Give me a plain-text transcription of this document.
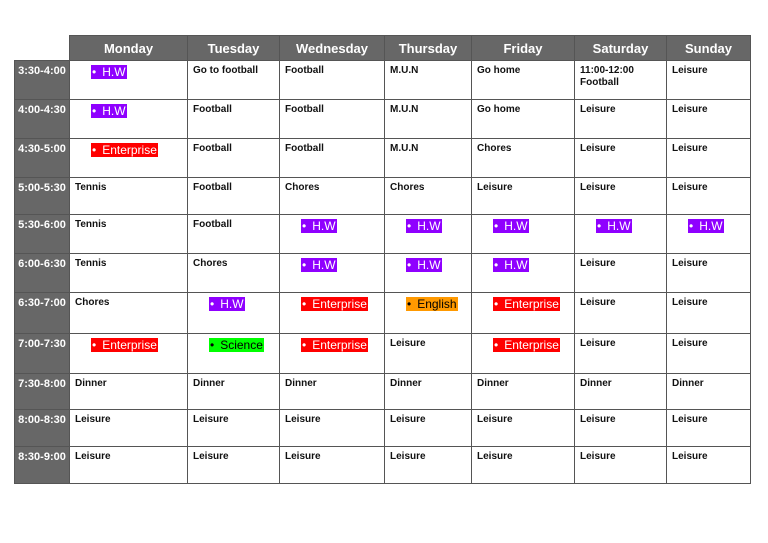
	Monday	Tuesday	Wednesday	Thursday	Friday	Saturday	Sunday
3:30-4:00	• H.W	Go to football	Football	M.U.N	Go home	11:00-12:00 Football	Leisure
4:00-4:30	• H.W	Football	Football	M.U.N	Go home	Leisure	Leisure
4:30-5:00	• Enterprise	Football	Football	M.U.N	Chores	Leisure	Leisure
5:00-5:30	Tennis	Football	Chores	Chores	Leisure	Leisure	Leisure
5:30-6:00	Tennis	Football	• H.W	• H.W	• H.W	• H.W	• H.W
6:00-6:30	Tennis	Chores	• H.W	• H.W	• H.W	Leisure	Leisure
6:30-7:00	Chores	• H.W	• Enterprise	• English	• Enterprise	Leisure	Leisure
7:00-7:30	• Enterprise	• Science	• Enterprise	Leisure	• Enterprise	Leisure	Leisure
7:30-8:00	Dinner	Dinner	Dinner	Dinner	Dinner	Dinner	Dinner
8:00-8:30	Leisure	Leisure	Leisure	Leisure	Leisure	Leisure	Leisure
8:30-9:00	Leisure	Leisure	Leisure	Leisure	Leisure	Leisure	Leisure
